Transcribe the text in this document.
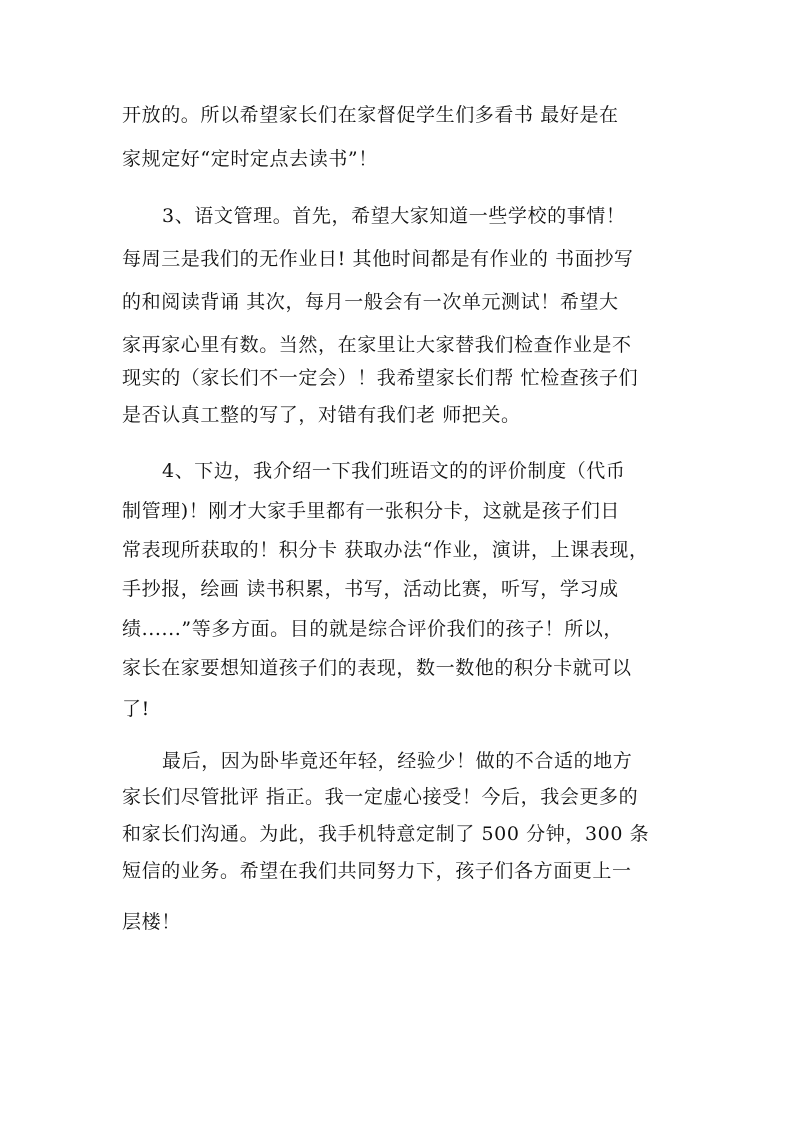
开放的。所以希望家长们在家督促学生们多看书 最好是在
家规定好“定时定点去读书”！
3、语文管理。首先，希望大家知道一些学校的事情！
每周三是我们的无作业日! 其他时间都是有作业的 书面抄写
的和阅读背诵 其次，每月一般会有一次单元测试！希望大
家再家心里有数。当然，在家里让大家替我们检查作业是不
现实的（家长们不一定会）！我希望家长们帮 忙检查孩子们
是否认真工整的写了，对错有我们老 师把关。
4、下边，我介绍一下我们班语文的的评价制度（代币
制管理)！刚才大家手里都有一张积分卡，这就是孩子们日
常表现所获取的！积分卡 获取办法“作业，演讲，上课表现，
手抄报，绘画 读书积累，书写，活动比赛，听写，学习成
绩......”等多方面。目的就是综合评价我们的孩子！所以，
家长在家要想知道孩子们的表现，数一数他的积分卡就可以
了!
最后，因为卧毕竟还年轻，经验少！做的不合适的地方
家长们尽管批评 指正。我一定虚心接受！今后，我会更多的
和家长们沟通。为此，我手机特意定制了 500 分钟，300 条
短信的业务。希望在我们共同努力下，孩子们各方面更上一
层楼！
